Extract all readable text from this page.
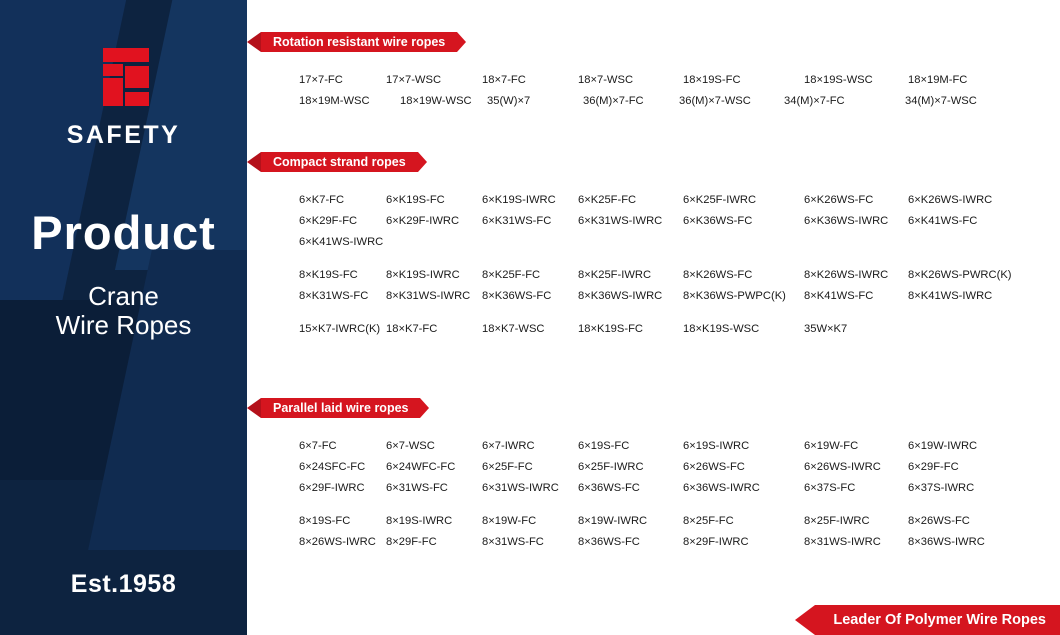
SAFETY
Product
Crane
Wire Ropes
Est.1958
Rotation resistant wire ropes
17×7-FC	17×7-WSC	18×7-FC	18×7-WSC	18×19S-FC	18×19S-WSC	18×19M-FC
18×19M-WSC	18×19W-WSC	35(W)×7	36(M)×7-FC	36(M)×7-WSC	34(M)×7-FC	34(M)×7-WSC
Compact strand ropes
6×K7-FC	6×K19S-FC	6×K19S-IWRC	6×K25F-FC	6×K25F-IWRC	6×K26WS-FC	6×K26WS-IWRC
6×K29F-FC	6×K29F-IWRC	6×K31WS-FC	6×K31WS-IWRC	6×K36WS-FC	6×K36WS-IWRC	6×K41WS-FC
6×K41WS-IWRC
8×K19S-FC	8×K19S-IWRC	8×K25F-FC	8×K25F-IWRC	8×K26WS-FC	8×K26WS-IWRC	8×K26WS-PWRC(K)
8×K31WS-FC	8×K31WS-IWRC	8×K36WS-FC	8×K36WS-IWRC	8×K36WS-PWPC(K)	8×K41WS-FC	8×K41WS-IWRC
15×K7-IWRC(K) 18×K7-FC	18×K7-WSC	18×K19S-FC	18×K19S-WSC	35W×K7
Parallel laid wire ropes
6×7-FC	6×7-WSC	6×7-IWRC	6×19S-FC	6×19S-IWRC	6×19W-FC	6×19W-IWRC
6×24SFC-FC	6×24WFC-FC	6×25F-FC	6×25F-IWRC	6×26WS-FC	6×26WS-IWRC	6×29F-FC
6×29F-IWRC	6×31WS-FC	6×31WS-IWRC	6×36WS-FC	6×36WS-IWRC	6×37S-FC	6×37S-IWRC
8×19S-FC	8×19S-IWRC	8×19W-FC	8×19W-IWRC	8×25F-FC	8×25F-IWRC	8×26WS-FC
8×26WS-IWRC 8×29F-FC	8×31WS-FC	8×36WS-FC	8×29F-IWRC	8×31WS-IWRC	8×36WS-IWRC
Leader Of Polymer Wire Ropes
